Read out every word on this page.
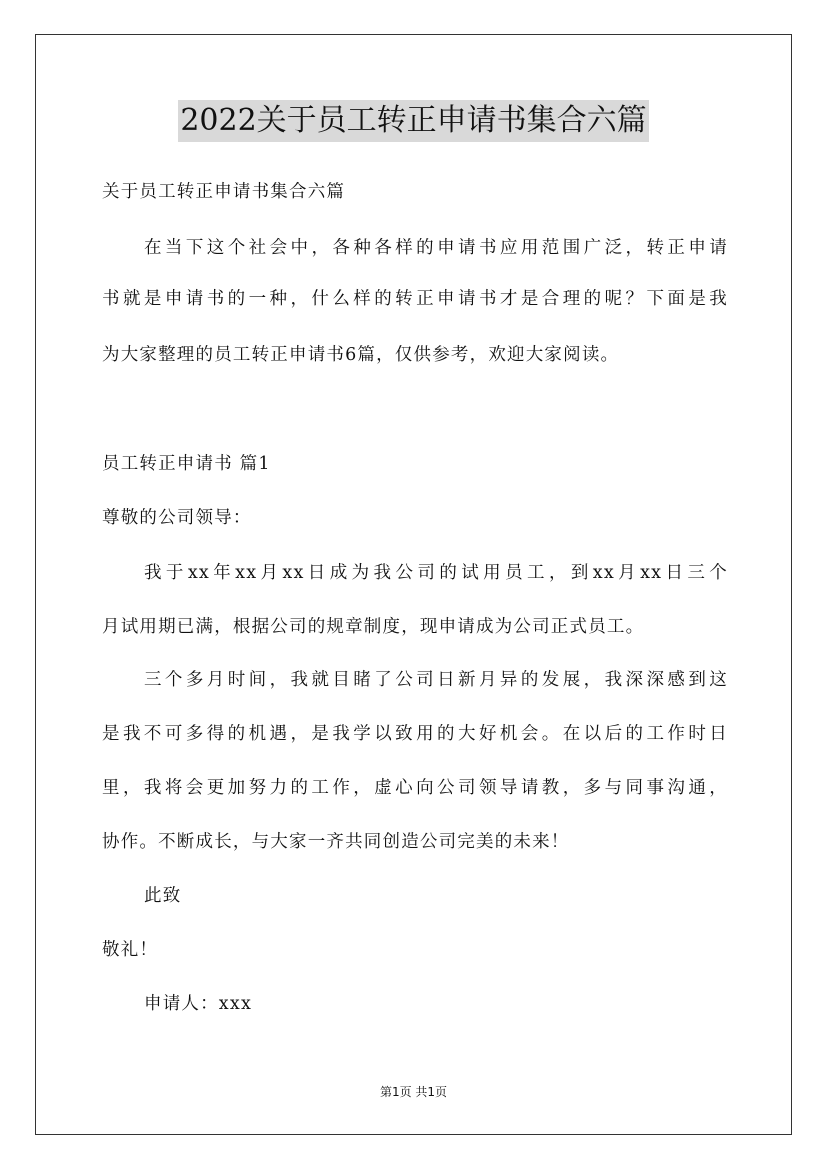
2022关于员工转正申请书集合六篇
关于员工转正申请书集合六篇
在当下这个社会中，各种各样的申请书应用范围广泛，转正申请
书就是申请书的一种，什么样的转正申请书才是合理的呢？下面是我
为大家整理的员工转正申请书6篇，仅供参考，欢迎大家阅读。
员工转正申请书 篇1
尊敬的公司领导：
我于xx年xx月xx日成为我公司的试用员工，到xx月xx日三个
月试用期已满，根据公司的规章制度，现申请成为公司正式员工。
三个多月时间，我就目睹了公司日新月异的发展，我深深感到这
是我不可多得的机遇，是我学以致用的大好机会。在以后的工作时日
里，我将会更加努力的工作，虚心向公司领导请教，多与同事沟通，
协作。不断成长，与大家一齐共同创造公司完美的未来！
此致
敬礼！
申请人：xxx
第1页 共1页
